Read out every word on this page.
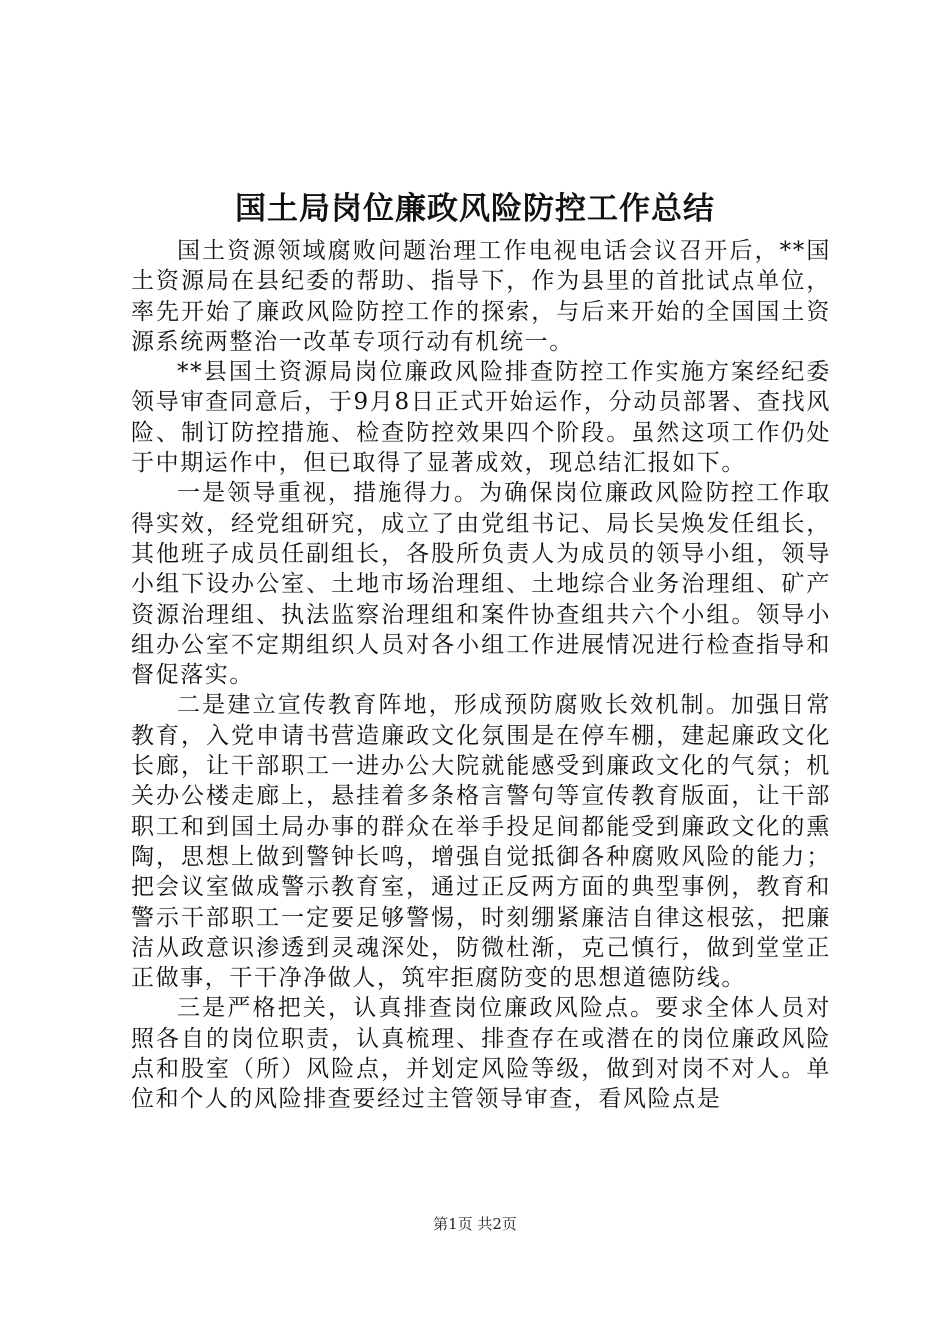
国土局岗位廉政风险防控工作总结

国土资源领域腐败问题治理工作电视电话会议召开后，**国土资源局在县纪委的帮助、指导下，作为县里的首批试点单位，率先开始了廉政风险防控工作的探索，与后来开始的全国国土资源系统两整治一改革专项行动有机统一。

**县国土资源局岗位廉政风险排查防控工作实施方案经纪委领导审查同意后，于9月8日正式开始运作，分动员部署、查找风险、制订防控措施、检查防控效果四个阶段。虽然这项工作仍处于中期运作中，但已取得了显著成效，现总结汇报如下。

一是领导重视，措施得力。为确保岗位廉政风险防控工作取得实效，经党组研究，成立了由党组书记、局长吴焕发任组长，其他班子成员任副组长，各股所负责人为成员的领导小组，领导小组下设办公室、土地市场治理组、土地综合业务治理组、矿产资源治理组、执法监察治理组和案件协查组共六个小组。领导小组办公室不定期组织人员对各小组工作进展情况进行检查指导和督促落实。

二是建立宣传教育阵地，形成预防腐败长效机制。加强日常教育，入党申请书营造廉政文化氛围是在停车棚，建起廉政文化长廊，让干部职工一进办公大院就能感受到廉政文化的气氛；机关办公楼走廊上，悬挂着多条格言警句等宣传教育版面，让干部职工和到国土局办事的群众在举手投足间都能受到廉政文化的熏陶，思想上做到警钟长鸣，增强自觉抵御各种腐败风险的能力；把会议室做成警示教育室，通过正反两方面的典型事例，教育和警示干部职工一定要足够警惕，时刻绷紧廉洁自律这根弦，把廉洁从政意识渗透到灵魂深处，防微杜渐，克己慎行，做到堂堂正正做事，干干净净做人，筑牢拒腐防变的思想道德防线。

三是严格把关，认真排查岗位廉政风险点。要求全体人员对照各自的岗位职责，认真梳理、排查存在或潜在的岗位廉政风险点和股室（所）风险点，并划定风险等级，做到对岗不对人。单位和个人的风险排查要经过主管领导审查，看风险点是

第1页 共2页
